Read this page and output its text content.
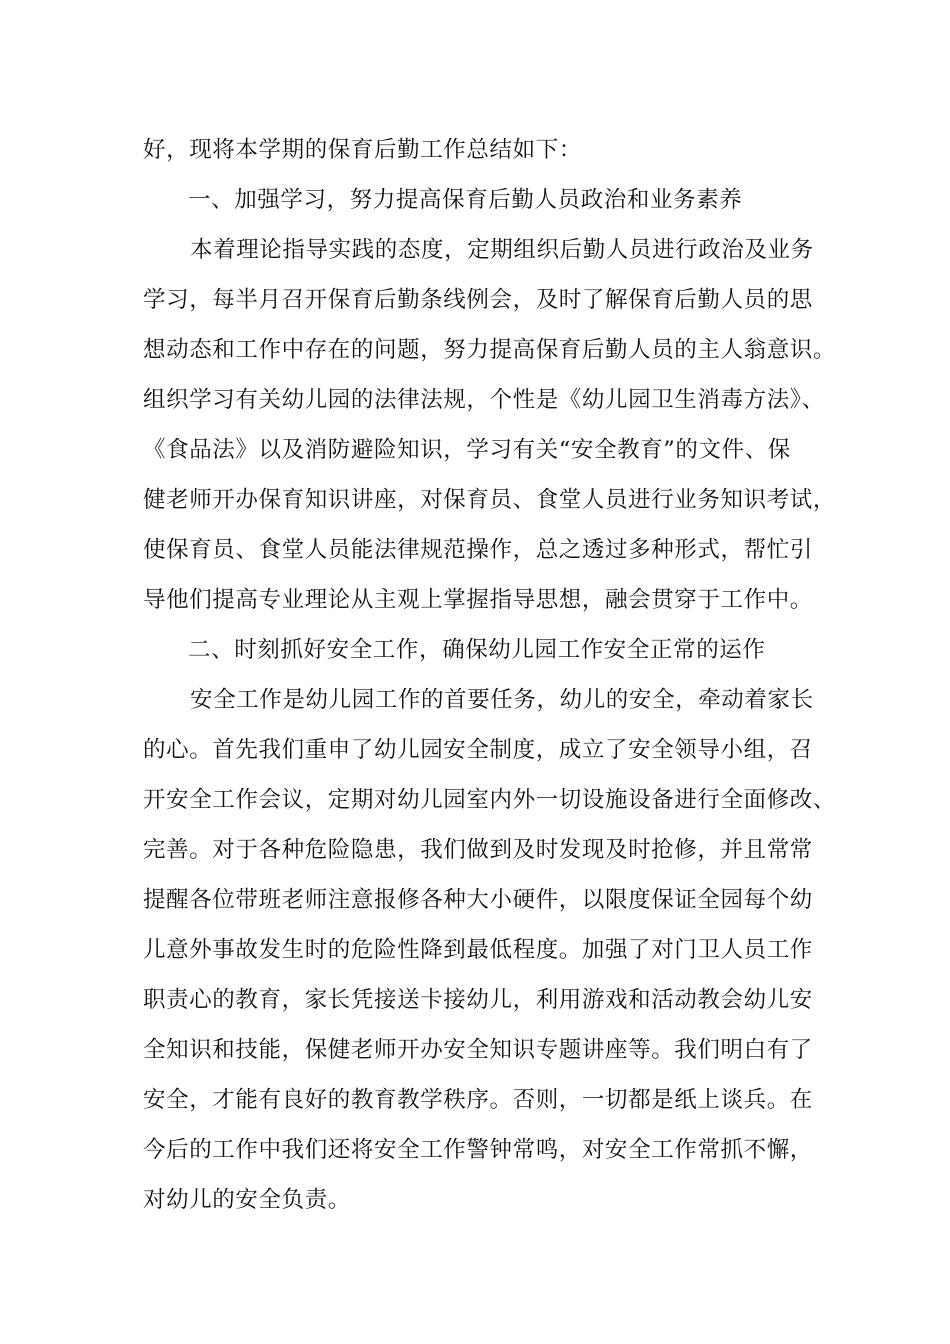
好，现将本学期的保育后勤工作总结如下：
一、加强学习，努力提高保育后勤人员政治和业务素养
本着理论指导实践的态度，定期组织后勤人员进行政治及业务
学习，每半月召开保育后勤条线例会，及时了解保育后勤人员的思
想动态和工作中存在的问题，努力提高保育后勤人员的主人翁意识。
组织学习有关幼儿园的法律法规，个性是《幼儿园卫生消毒方法》、
《食品法》以及消防避险知识，学习有关“安全教育”的文件、保
健老师开办保育知识讲座，对保育员、食堂人员进行业务知识考试，
使保育员、食堂人员能法律规范操作，总之透过多种形式，帮忙引
导他们提高专业理论从主观上掌握指导思想，融会贯穿于工作中。
二、时刻抓好安全工作，确保幼儿园工作安全正常的运作
安全工作是幼儿园工作的首要任务，幼儿的安全，牵动着家长
的心。首先我们重申了幼儿园安全制度，成立了安全领导小组，召
开安全工作会议，定期对幼儿园室内外一切设施设备进行全面修改、
完善。对于各种危险隐患，我们做到及时发现及时抢修，并且常常
提醒各位带班老师注意报修各种大小硬件，以限度保证全园每个幼
儿意外事故发生时的危险性降到最低程度。加强了对门卫人员工作
职责心的教育，家长凭接送卡接幼儿，利用游戏和活动教会幼儿安
全知识和技能，保健老师开办安全知识专题讲座等。我们明白有了
安全，才能有良好的教育教学秩序。否则，一切都是纸上谈兵。在
今后的工作中我们还将安全工作警钟常鸣，对安全工作常抓不懈，
对幼儿的安全负责。
